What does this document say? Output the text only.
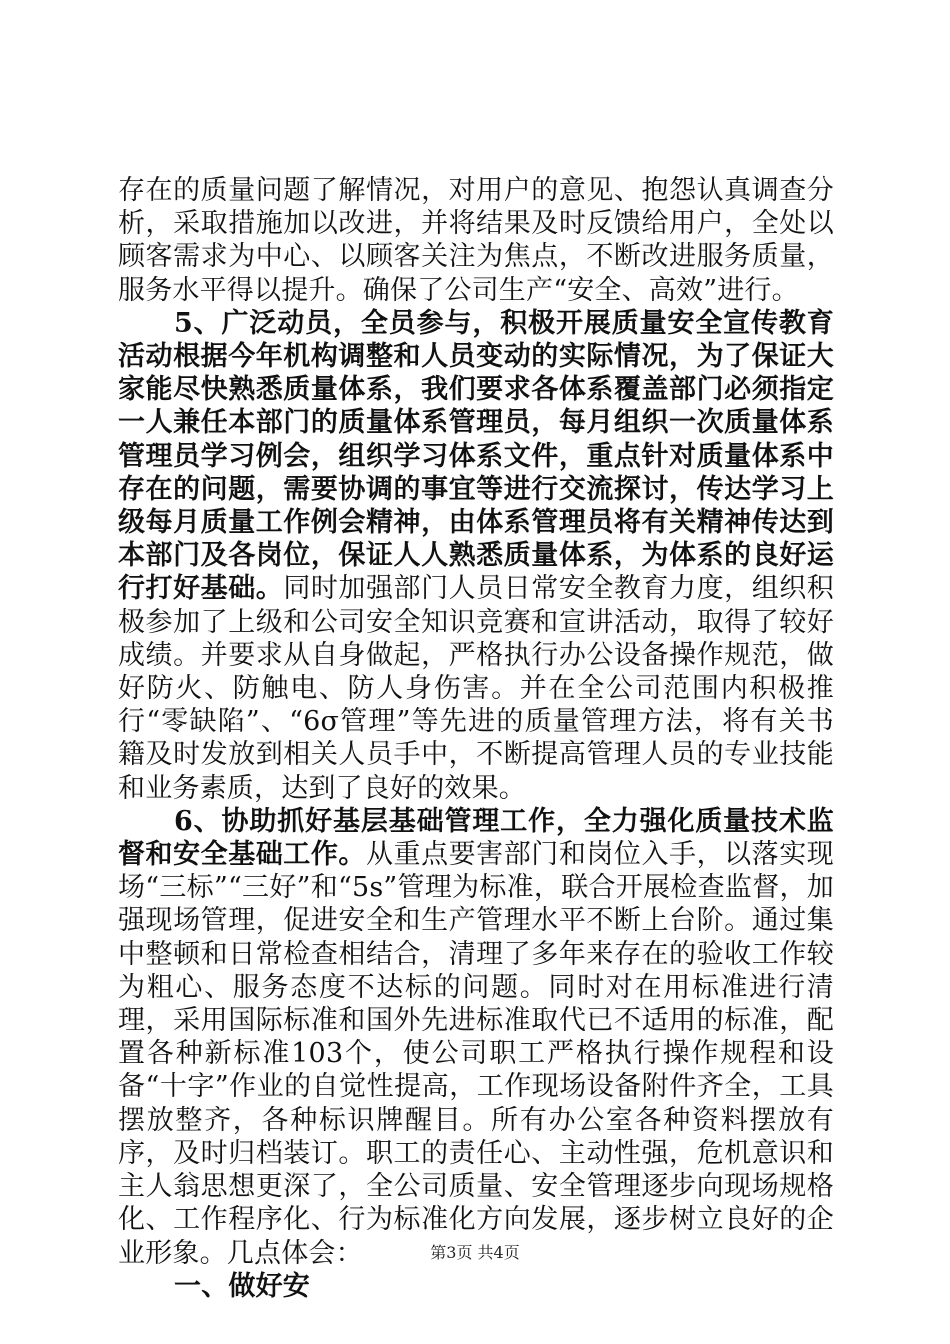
存在的质量问题了解情况，对用户的意见、抱怨认真调查分析，采取措施加以改进，并将结果及时反馈给用户，全处以顾客需求为中心、以顾客关注为焦点，不断改进服务质量，服务水平得以提升。确保了公司生产“安全、高效”进行。

5、广泛动员，全员参与，积极开展质量安全宣传教育活动根据今年机构调整和人员变动的实际情况，为了保证大家能尽快熟悉质量体系，我们要求各体系覆盖部门必须指定一人兼任本部门的质量体系管理员，每月组织一次质量体系管理员学习例会，组织学习体系文件，重点针对质量体系中存在的问题，需要协调的事宜等进行交流探讨，传达学习上级每月质量工作例会精神，由体系管理员将有关精神传达到本部门及各岗位，保证人人熟悉质量体系，为体系的良好运行打好基础。同时加强部门人员日常安全教育力度，组织积极参加了上级和公司安全知识竞赛和宣讲活动，取得了较好成绩。并要求从自身做起，严格执行办公设备操作规范，做好防火、防触电、防人身伤害。并在全公司范围内积极推行“零缺陷”、“6σ管理”等先进的质量管理方法，将有关书籍及时发放到相关人员手中，不断提高管理人员的专业技能和业务素质，达到了良好的效果。

6、协助抓好基层基础管理工作，全力强化质量技术监督和安全基础工作。从重点要害部门和岗位入手，以落实现场“三标”“三好”和“5s”管理为标准，联合开展检查监督，加强现场管理，促进安全和生产管理水平不断上台阶。通过集中整顿和日常检查相结合，清理了多年来存在的验收工作较为粗心、服务态度不达标的问题。同时对在用标准进行清理，采用国际标准和国外先进标准取代已不适用的标准，配置各种新标准103个，使公司职工严格执行操作规程和设备“十字”作业的自觉性提高，工作现场设备附件齐全，工具摆放整齐，各种标识牌醒目。所有办公室各种资料摆放有序，及时归档装订。职工的责任心、主动性强，危机意识和主人翁思想更深了，全公司质量、安全管理逐步向现场规格化、工作程序化、行为标准化方向发展，逐步树立良好的企业形象。几点体会：

一、做好安

第3页 共4页
